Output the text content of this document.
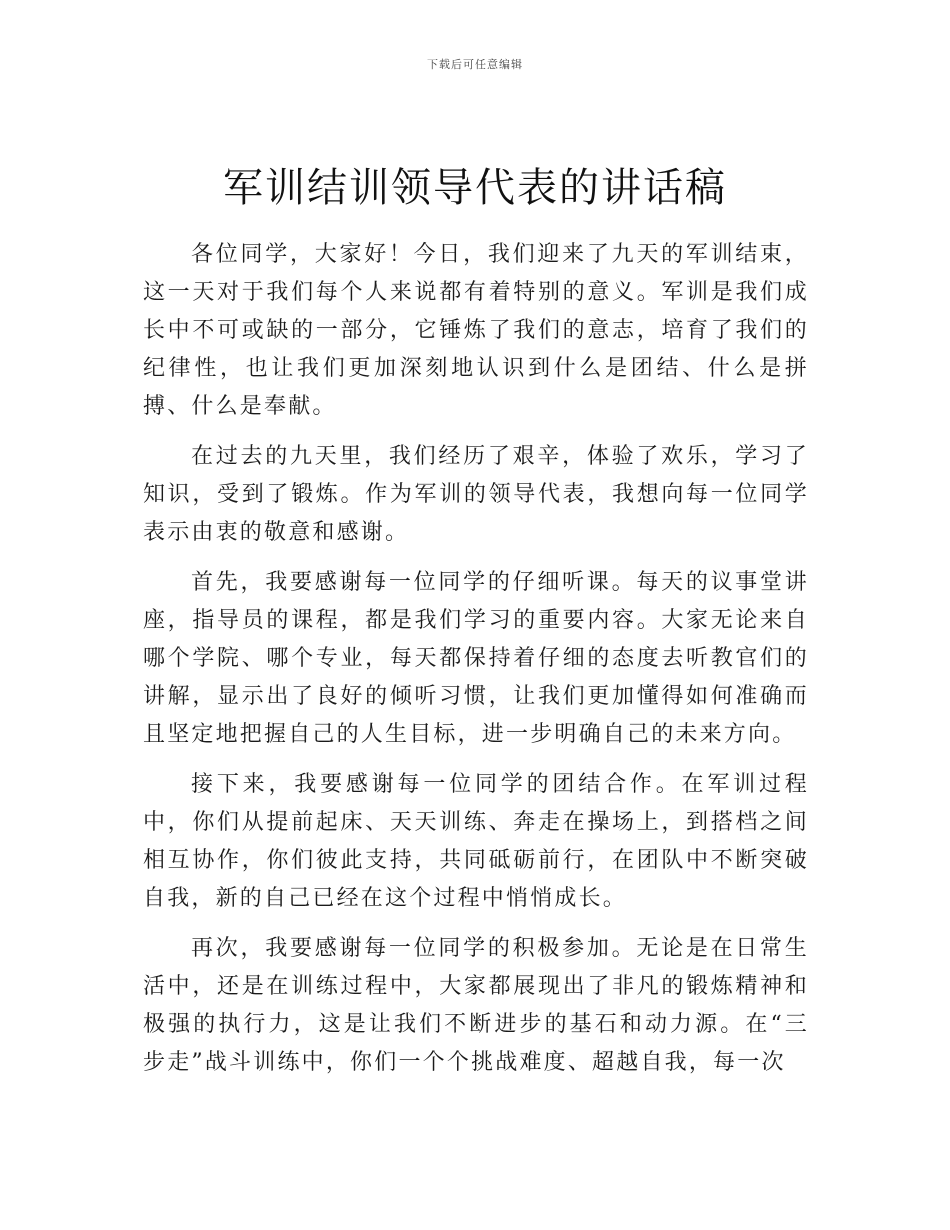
下载后可任意编辑
军训结训领导代表的讲话稿

各位同学，大家好！今日，我们迎来了九天的军训结束，这一天对于我们每个人来说都有着特别的意义。军训是我们成长中不可或缺的一部分，它锤炼了我们的意志，培育了我们的纪律性，也让我们更加深刻地认识到什么是团结、什么是拼搏、什么是奉献。

在过去的九天里，我们经历了艰辛，体验了欢乐，学习了知识，受到了锻炼。作为军训的领导代表，我想向每一位同学表示由衷的敬意和感谢。

首先，我要感谢每一位同学的仔细听课。每天的议事堂讲座，指导员的课程，都是我们学习的重要内容。大家无论来自哪个学院、哪个专业，每天都保持着仔细的态度去听教官们的讲解，显示出了良好的倾听习惯，让我们更加懂得如何准确而且坚定地把握自己的人生目标，进一步明确自己的未来方向。

接下来，我要感谢每一位同学的团结合作。在军训过程中，你们从提前起床、天天训练、奔走在操场上，到搭档之间相互协作，你们彼此支持，共同砥砺前行，在团队中不断突破自我，新的自己已经在这个过程中悄悄成长。

再次，我要感谢每一位同学的积极参加。无论是在日常生活中，还是在训练过程中，大家都展现出了非凡的锻炼精神和极强的执行力，这是让我们不断进步的基石和动力源。在“三步走”战斗训练中，你们一个个挑战难度、超越自我，每一次
